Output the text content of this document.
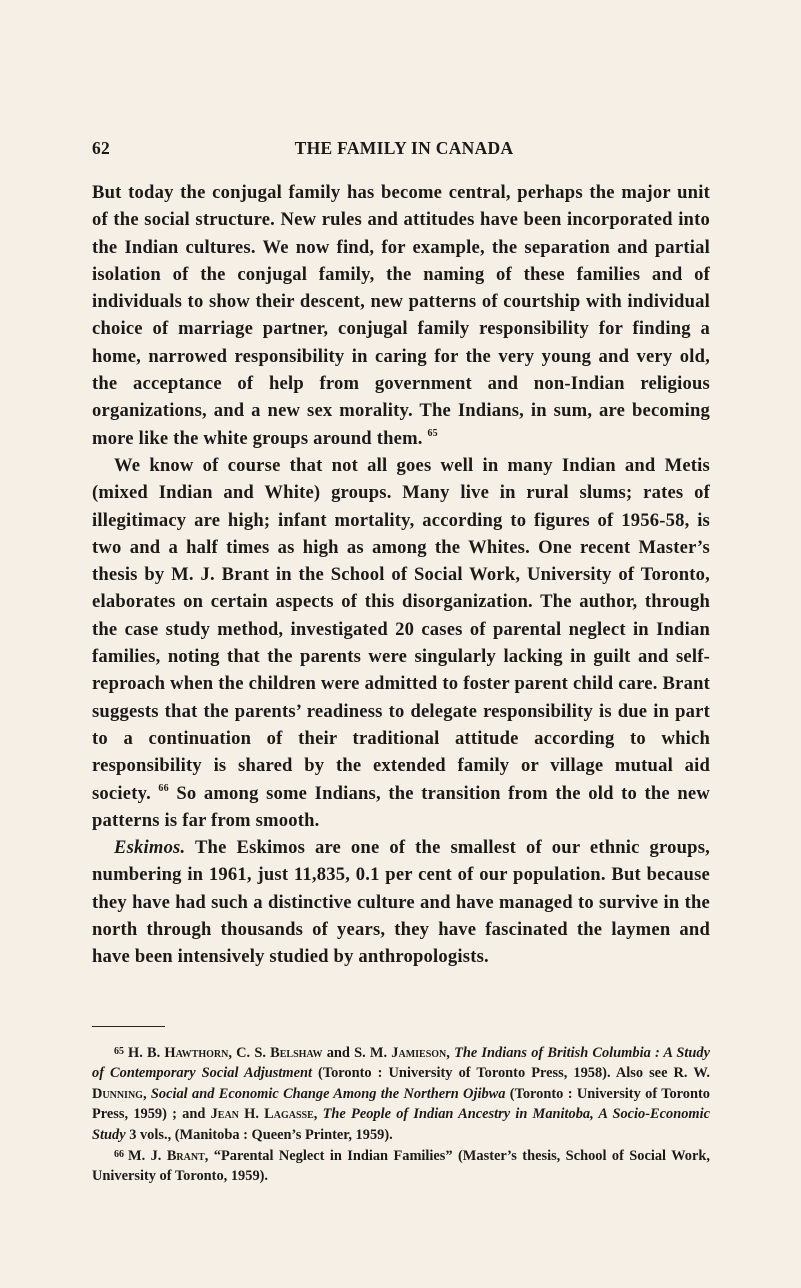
62	THE FAMILY IN CANADA

But today the conjugal family has become central, perhaps the major unit of the social structure. New rules and attitudes have been incorporated into the Indian cultures. We now find, for example, the separation and partial isolation of the conjugal family, the naming of these families and of individuals to show their descent, new patterns of courtship with individual choice of marriage partner, conjugal family responsibility for finding a home, narrowed responsibility in caring for the very young and very old, the acceptance of help from government and non-Indian religious organizations, and a new sex morality. The Indians, in sum, are becoming more like the white groups around them. $^{65}$

We know of course that not all goes well in many Indian and Metis (mixed Indian and White) groups. Many live in rural slums; rates of illegitimacy are high; infant mortality, according to figures of 1956-58, is two and a half times as high as among the Whites. One recent Master’s thesis by M. J. Brant in the School of Social Work, University of Toronto, elaborates on certain aspects of this disorganization. The author, through the case study method, investigated 20 cases of parental neglect in Indian families, noting that the parents were singularly lacking in guilt and self-reproach when the children were admitted to foster parent child care. Brant suggests that the parents’ readiness to delegate responsibility is due in part to a continuation of their traditional attitude according to which responsibility is shared by the extended family or village mutual aid society. $^{66}$ So among some Indians, the transition from the old to the new patterns is far from smooth.

Eskimos. The Eskimos are one of the smallest of our ethnic groups, numbering in 1961, just 11,835, 0.1 per cent of our population. But because they have had such a distinctive culture and have managed to survive in the north through thousands of years, they have fascinated the laymen and have been intensively studied by anthropologists.

$^{65}$ H. B. Hawthorn, C. S. Belshaw and S. M. Jamieson, The Indians of British Columbia : A Study of Contemporary Social Adjustment (Toronto : University of Toronto Press, 1958). Also see R. W. Dunning, Social and Economic Change Among the Northern Ojibwa (Toronto : University of Toronto Press, 1959) ; and Jean H. Lagasse, The People of Indian Ancestry in Manitoba, A Socio-Economic Study 3 vols., (Manitoba : Queen’s Printer, 1959).

$^{66}$ M. J. Brant, “Parental Neglect in Indian Families” (Master’s thesis, School of Social Work, University of Toronto, 1959).
